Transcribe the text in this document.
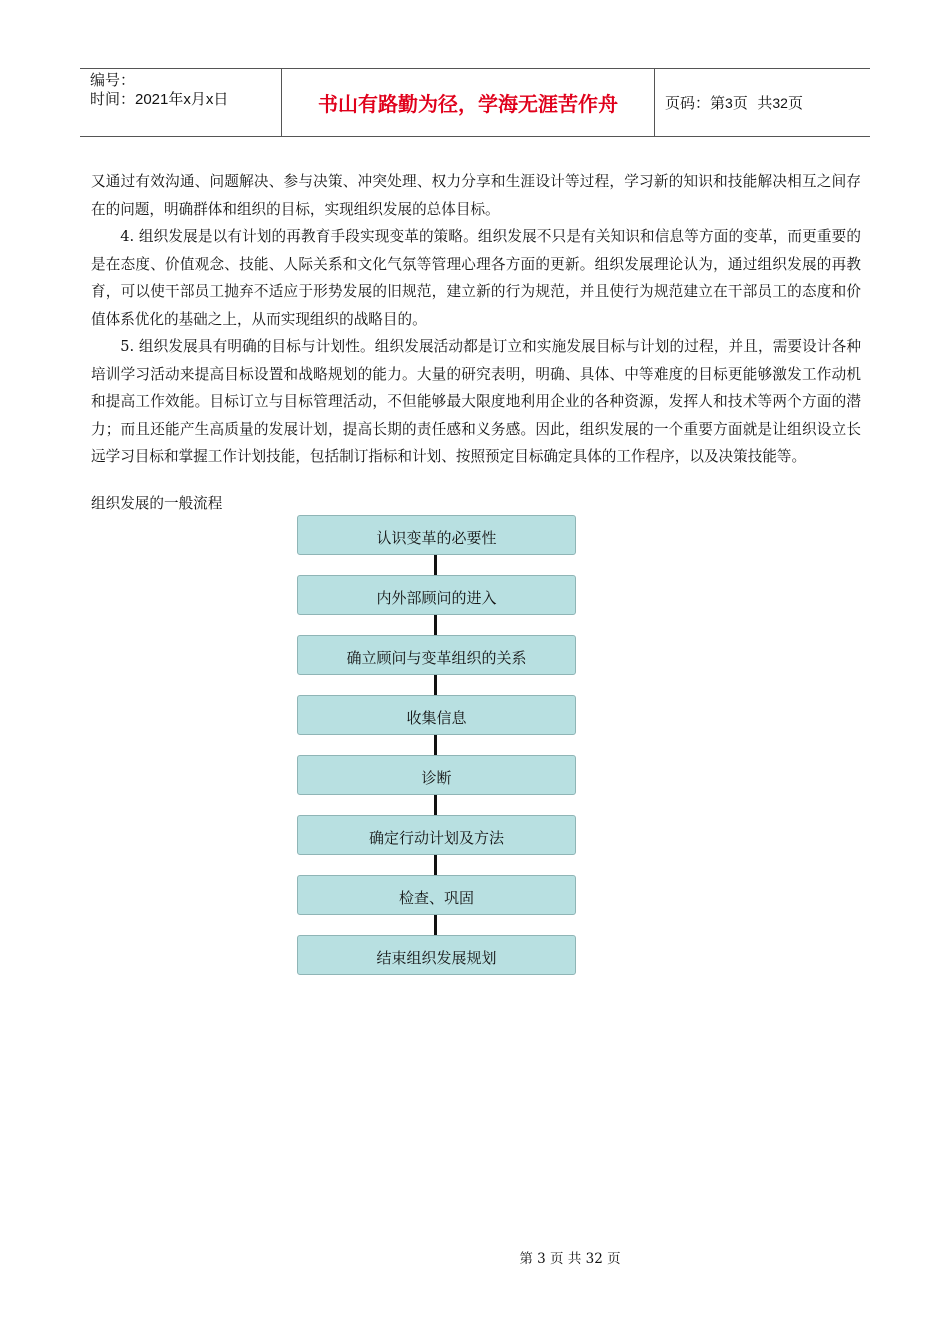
编号：
时间：2021年x月x日	书山有路勤为径，学海无涯苦作舟	页码：第 3 页  共 32 页

又通过有效沟通、问题解决、参与决策、冲突处理、权力分享和生涯设计等过程，学习新的知识和技能解决相互之间存在的问题，明确群体和组织的目标，实现组织发展的总体目标。

4. 组织发展是以有计划的再教育手段实现变革的策略。组织发展不只是有关知识和信息等方面的变革，而更重要的是在态度、价值观念、技能、人际关系和文化气氛等管理心理各方面的更新。组织发展理论认为，通过组织发展的再教育，可以使干部员工抛弃不适应于形势发展的旧规范，建立新的行为规范，并且使行为规范建立在干部员工的态度和价值体系优化的基础之上，从而实现组织的战略目的。

5. 组织发展具有明确的目标与计划性。组织发展活动都是订立和实施发展目标与计划的过程，并且，需要设计各种培训学习活动来提高目标设置和战略规划的能力。大量的研究表明，明确、具体、中等难度的目标更能够激发工作动机和提高工作效能。目标订立与目标管理活动，不但能够最大限度地利用企业的各种资源，发挥人和技术等两个方面的潜力；而且还能产生高质量的发展计划，提高长期的责任感和义务感。因此，组织发展的一个重要方面就是让组织设立长远学习目标和掌握工作计划技能，包括制订指标和计划、按照预定目标确定具体的工作程序，以及决策技能等。

组织发展的一般流程
认识变革的必要性
内外部顾问的进入
确立顾问与变革组织的关系
收集信息
诊断
确定行动计划及方法
检查、巩固
结束组织发展规划
第 3 页 共 32 页
